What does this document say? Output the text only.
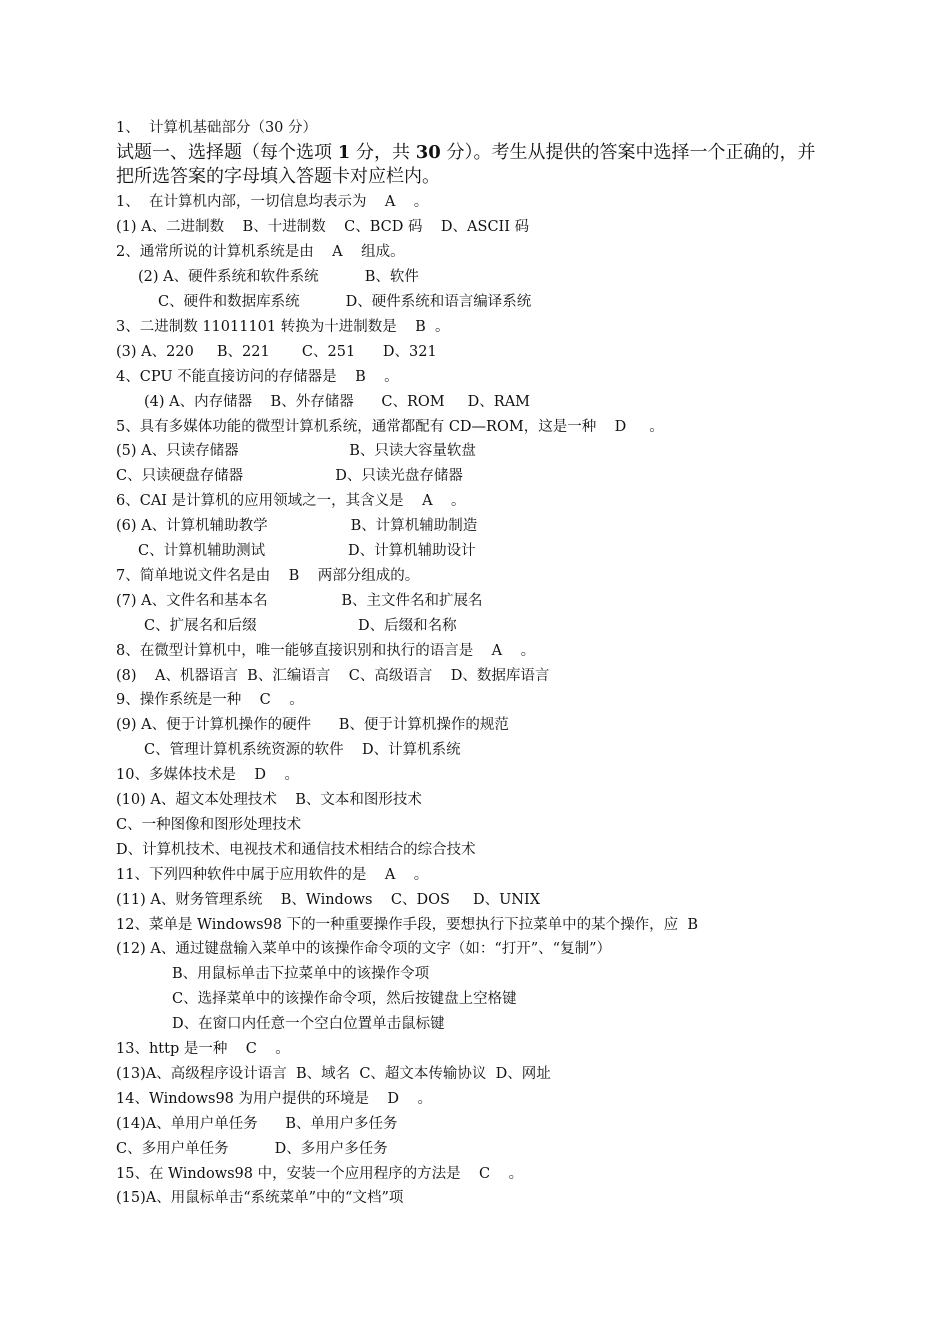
1、  计算机基础部分（30 分）
试题一、选择题（每个选项 1 分，共 30 分）。考生从提供的答案中选择一个正确的，并
把所选答案的字母填入答题卡对应栏内。
1、  在计算机内部，一切信息均表示为    A    。
(1) A、二进制数    B、十进制数    C、BCD 码    D、ASCII 码
2、通常所说的计算机系统是由    A    组成。
(2) A、硬件系统和软件系统          B、软件
C、硬件和数据库系统          D、硬件系统和语言编译系统
3、二进制数 11011101 转换为十进制数是    B  。
(3) A、220     B、221       C、251      D、321
4、CPU 不能直接访问的存储器是    B    。
(4) A、内存储器    B、外存储器      C、ROM     D、RAM
5、具有多媒体功能的微型计算机系统，通常都配有 CD—ROM，这是一种    D     。
(5) A、只读存储器                        B、只读大容量软盘
C、只读硬盘存储器                    D、只读光盘存储器
6、CAI 是计算机的应用领域之一，其含义是    A    。
(6) A、计算机辅助教学                  B、计算机辅助制造
C、计算机辅助测试                  D、计算机辅助设计
7、简单地说文件名是由    B    两部分组成的。
(7) A、文件名和基本名                B、主文件名和扩展名
C、扩展名和后缀                      D、后缀和名称
8、在微型计算机中，唯一能够直接识别和执行的语言是    A    。
(8)    A、机器语言  B、汇编语言    C、高级语言    D、数据库语言
9、操作系统是一种    C    。
(9) A、便于计算机操作的硬件      B、便于计算机操作的规范
C、管理计算机系统资源的软件    D、计算机系统
10、多媒体技术是    D    。
(10) A、超文本处理技术    B、文本和图形技术
C、一种图像和图形处理技术
D、计算机技术、电视技术和通信技术相结合的综合技术
11、下列四种软件中属于应用软件的是    A    。
(11) A、财务管理系统    B、Windows    C、DOS     D、UNIX
12、菜单是 Windows98 下的一种重要操作手段，要想执行下拉菜单中的某个操作，应  B
(12) A、通过键盘输入菜单中的该操作命令项的文字（如：“打开”、“复制”）
B、用鼠标单击下拉菜单中的该操作令项
C、选择菜单中的该操作命令项，然后按键盘上空格键
D、在窗口内任意一个空白位置单击鼠标键
13、http 是一种    C    。
(13)A、高级程序设计语言  B、域名  C、超文本传输协议  D、网址
14、Windows98 为用户提供的环境是    D    。
(14)A、单用户单任务      B、单用户多任务
C、多用户单任务          D、多用户多任务
15、在 Windows98 中，安装一个应用程序的方法是    C    。
(15)A、用鼠标单击“系统菜单”中的“文档”项
